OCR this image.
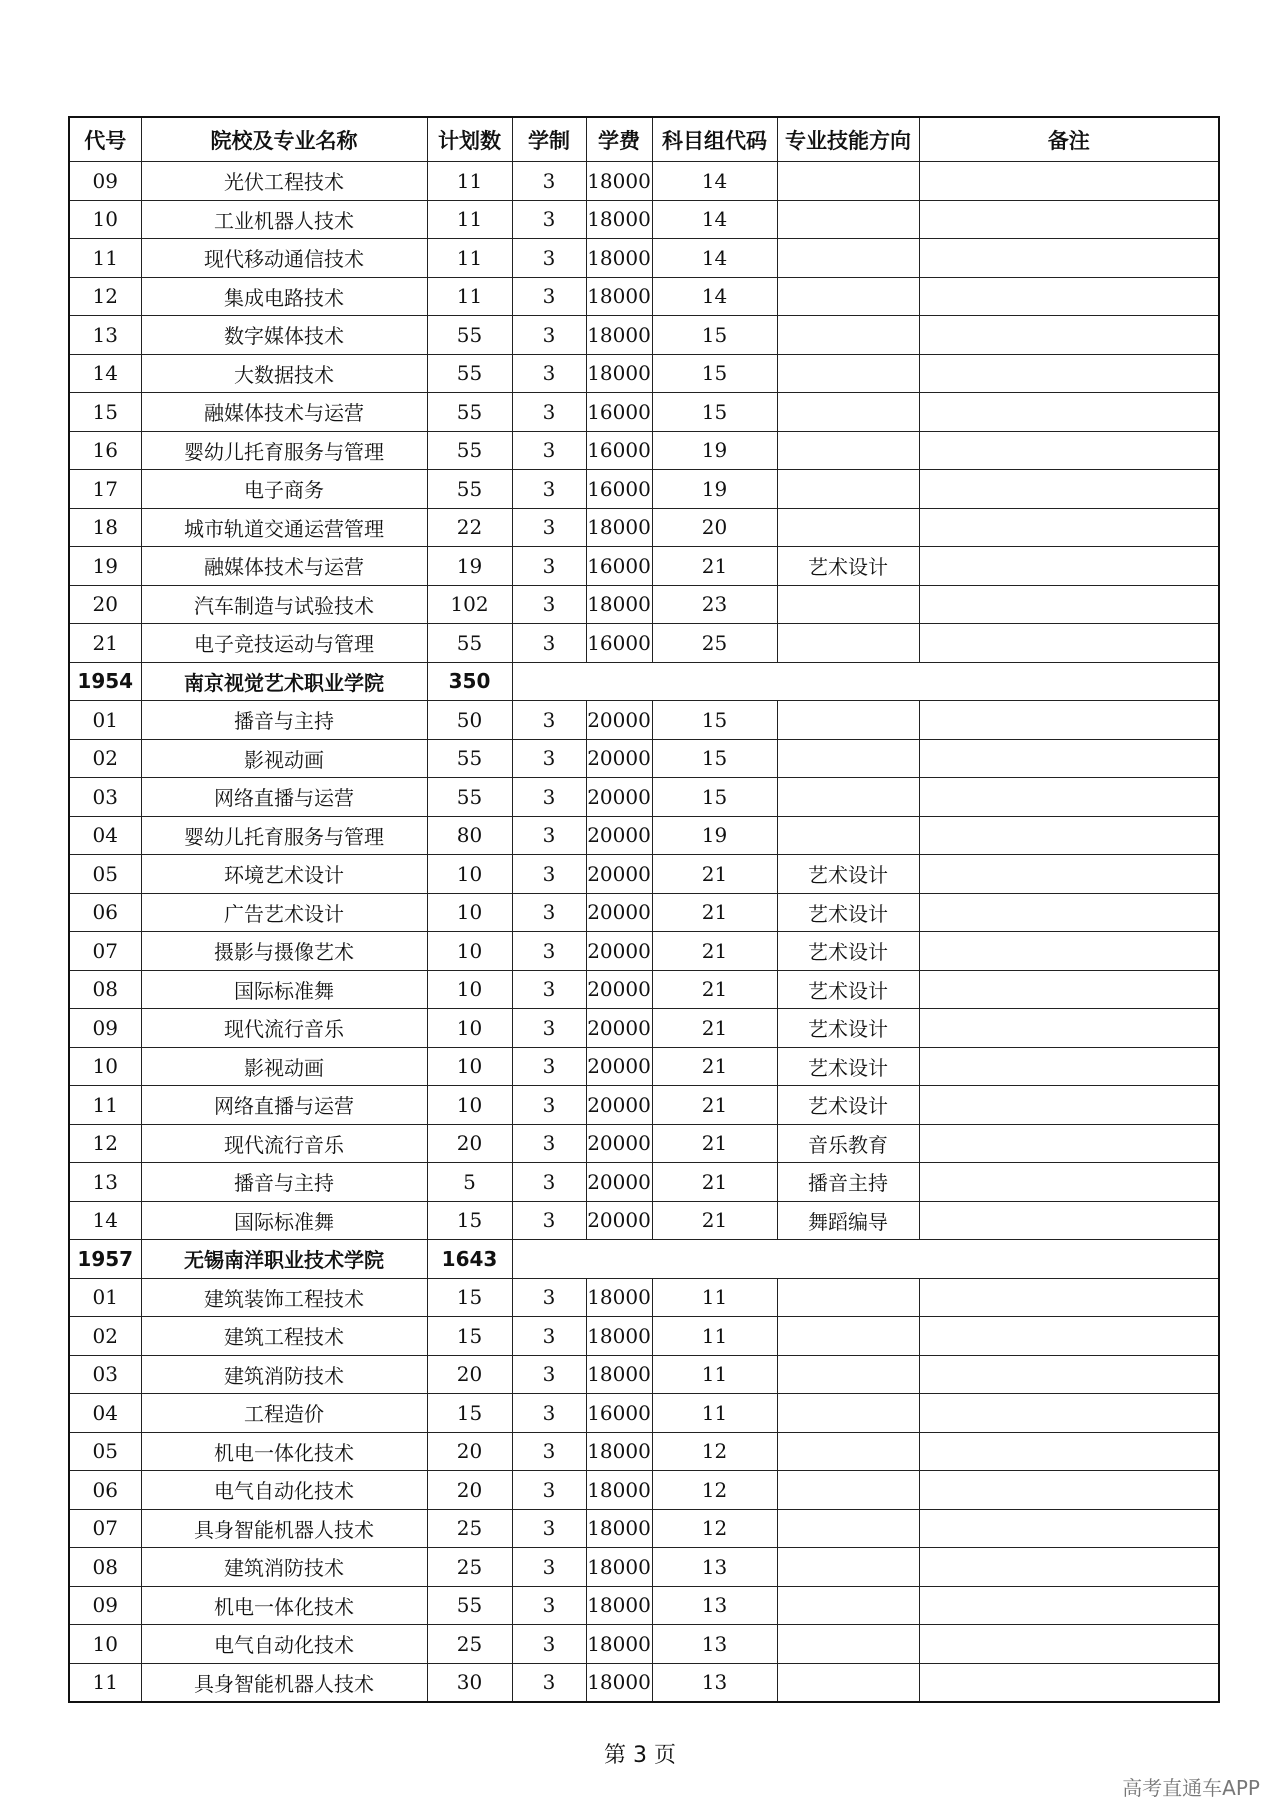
代号	院校及专业名称	计划数	学制	学费	科目组代码	专业技能方向	备注
09	光伏工程技术	11	3	18000	14		
10	工业机器人技术	11	3	18000	14		
11	现代移动通信技术	11	3	18000	14		
12	集成电路技术	11	3	18000	14		
13	数字媒体技术	55	3	18000	15		
14	大数据技术	55	3	18000	15		
15	融媒体技术与运营	55	3	16000	15		
16	婴幼儿托育服务与管理	55	3	16000	19		
17	电子商务	55	3	16000	19		
18	城市轨道交通运营管理	22	3	18000	20		
19	融媒体技术与运营	19	3	16000	21	艺术设计	
20	汽车制造与试验技术	102	3	18000	23		
21	电子竞技运动与管理	55	3	16000	25		
1954	南京视觉艺术职业学院	350					
01	播音与主持	50	3	20000	15		
02	影视动画	55	3	20000	15		
03	网络直播与运营	55	3	20000	15		
04	婴幼儿托育服务与管理	80	3	20000	19		
05	环境艺术设计	10	3	20000	21	艺术设计	
06	广告艺术设计	10	3	20000	21	艺术设计	
07	摄影与摄像艺术	10	3	20000	21	艺术设计	
08	国际标准舞	10	3	20000	21	艺术设计	
09	现代流行音乐	10	3	20000	21	艺术设计	
10	影视动画	10	3	20000	21	艺术设计	
11	网络直播与运营	10	3	20000	21	艺术设计	
12	现代流行音乐	20	3	20000	21	音乐教育	
13	播音与主持	5	3	20000	21	播音主持	
14	国际标准舞	15	3	20000	21	舞蹈编导	
1957	无锡南洋职业技术学院	1643					
01	建筑装饰工程技术	15	3	18000	11		
02	建筑工程技术	15	3	18000	11		
03	建筑消防技术	20	3	18000	11		
04	工程造价	15	3	16000	11		
05	机电一体化技术	20	3	18000	12		
06	电气自动化技术	20	3	18000	12		
07	具身智能机器人技术	25	3	18000	12		
08	建筑消防技术	25	3	18000	13		
09	机电一体化技术	55	3	18000	13		
10	电气自动化技术	25	3	18000	13		
11	具身智能机器人技术	30	3	18000	13		
第 3 页
高考直通车APP
